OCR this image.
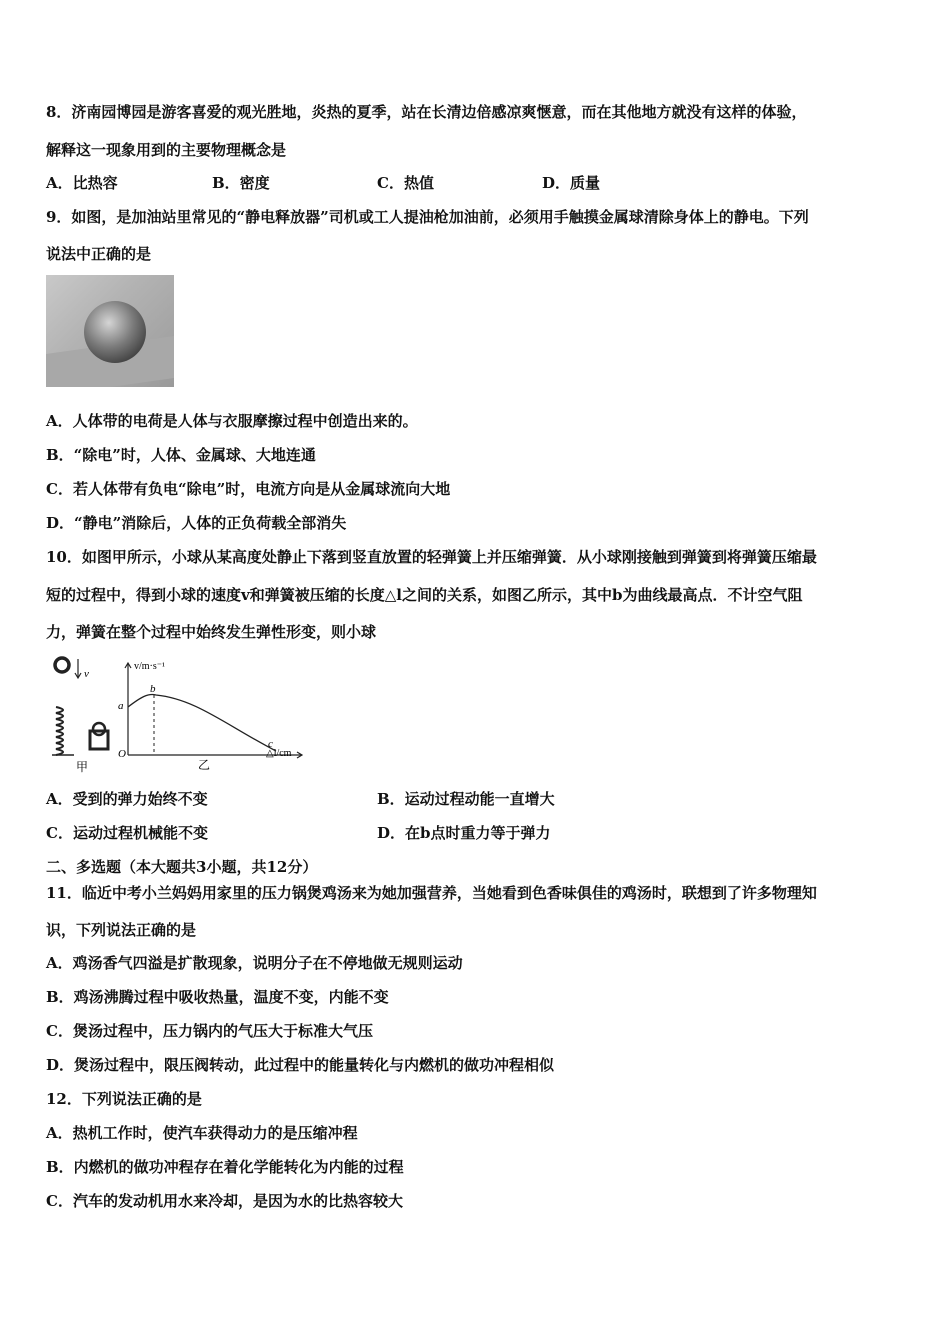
8．济南园博园是游客喜爱的观光胜地，炎热的夏季，站在长清边倍感凉爽惬意，而在其他地方就没有这样的体验，
解释这一现象用到的主要物理概念是
A．比热容	B．密度	C．热值	D．质量
9．如图，是加油站里常见的“静电释放器”司机或工人提油枪加油前，必须用手触摸金属球清除身体上的静电。下列
说法中正确的是
A．人体带的电荷是人体与衣服摩擦过程中创造出来的。
B．“除电”时，人体、金属球、大地连通
C．若人体带有负电“除电”时，电流方向是从金属球流向大地
D．“静电”消除后，人体的正负荷载全部消失
10．如图甲所示，小球从某高度处静止下落到竖直放置的轻弹簧上并压缩弹簧．从小球刚接触到弹簧到将弹簧压缩最
短的过程中，得到小球的速度v和弹簧被压缩的长度△l之间的关系，如图乙所示，其中b为曲线最高点．不计空气阻
力，弹簧在整个过程中始终发生弹性形变，则小球
v
甲
v/m·s⁻¹
△l/cm
O
a
b
c
乙
A．受到的弹力始终不变	B．运动过程动能一直增大
C．运动过程机械能不变	D．在b点时重力等于弹力
二、多选题（本大题共3小题，共12分）
11．临近中考小兰妈妈用家里的压力锅煲鸡汤来为她加强营养，当她看到色香味俱佳的鸡汤时，联想到了许多物理知
识，下列说法正确的是
A．鸡汤香气四溢是扩散现象，说明分子在不停地做无规则运动
B．鸡汤沸腾过程中吸收热量，温度不变，内能不变
C．煲汤过程中，压力锅内的气压大于标准大气压
D．煲汤过程中，限压阀转动，此过程中的能量转化与内燃机的做功冲程相似
12．下列说法正确的是
A．热机工作时，使汽车获得动力的是压缩冲程
B．内燃机的做功冲程存在着化学能转化为内能的过程
C．汽车的发动机用水来冷却，是因为水的比热容较大
